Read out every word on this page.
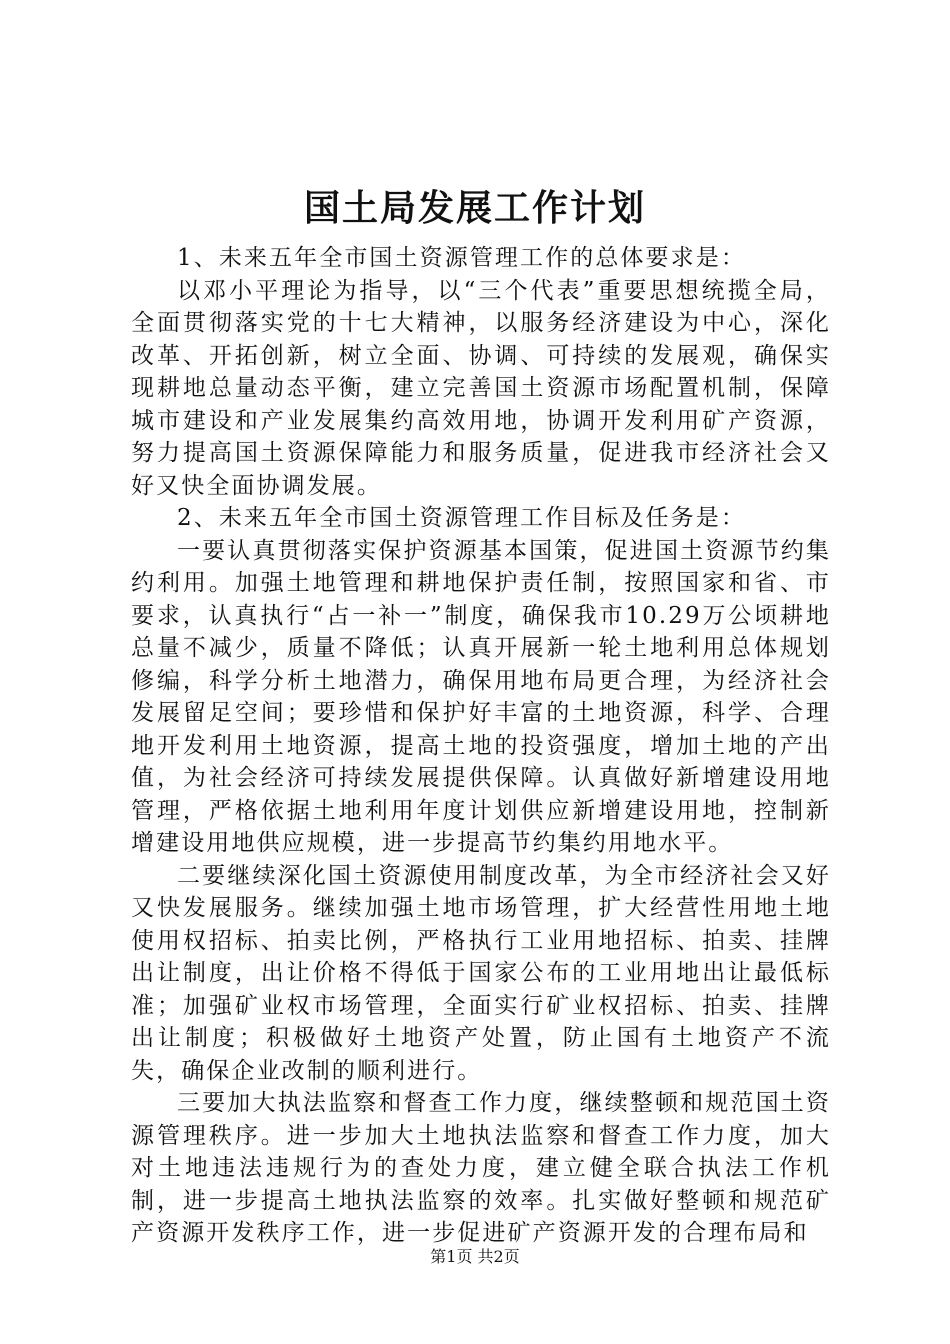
国土局发展工作计划

1、未来五年全市国土资源管理工作的总体要求是：

以邓小平理论为指导，以“三个代表”重要思想统揽全局，全面贯彻落实党的十七大精神，以服务经济建设为中心，深化改革、开拓创新，树立全面、协调、可持续的发展观，确保实现耕地总量动态平衡，建立完善国土资源市场配置机制，保障城市建设和产业发展集约高效用地，协调开发利用矿产资源，努力提高国土资源保障能力和服务质量，促进我市经济社会又好又快全面协调发展。

2、未来五年全市国土资源管理工作目标及任务是：

一要认真贯彻落实保护资源基本国策，促进国土资源节约集约利用。加强土地管理和耕地保护责任制，按照国家和省、市要求，认真执行“占一补一”制度，确保我市10.29万公顷耕地总量不减少，质量不降低；认真开展新一轮土地利用总体规划修编，科学分析土地潜力，确保用地布局更合理，为经济社会发展留足空间；要珍惜和保护好丰富的土地资源，科学、合理地开发利用土地资源，提高土地的投资强度，增加土地的产出值，为社会经济可持续发展提供保障。认真做好新增建设用地管理，严格依据土地利用年度计划供应新增建设用地，控制新增建设用地供应规模，进一步提高节约集约用地水平。

二要继续深化国土资源使用制度改革，为全市经济社会又好又快发展服务。继续加强土地市场管理，扩大经营性用地土地使用权招标、拍卖比例，严格执行工业用地招标、拍卖、挂牌出让制度，出让价格不得低于国家公布的工业用地出让最低标准；加强矿业权市场管理，全面实行矿业权招标、拍卖、挂牌出让制度；积极做好土地资产处置，防止国有土地资产不流失，确保企业改制的顺利进行。

三要加大执法监察和督查工作力度，继续整顿和规范国土资源管理秩序。进一步加大土地执法监察和督查工作力度，加大对土地违法违规行为的查处力度，建立健全联合执法工作机制，进一步提高土地执法监察的效率。扎实做好整顿和规范矿产资源开发秩序工作，进一步促进矿产资源开发的合理布局和

第1页 共2页
